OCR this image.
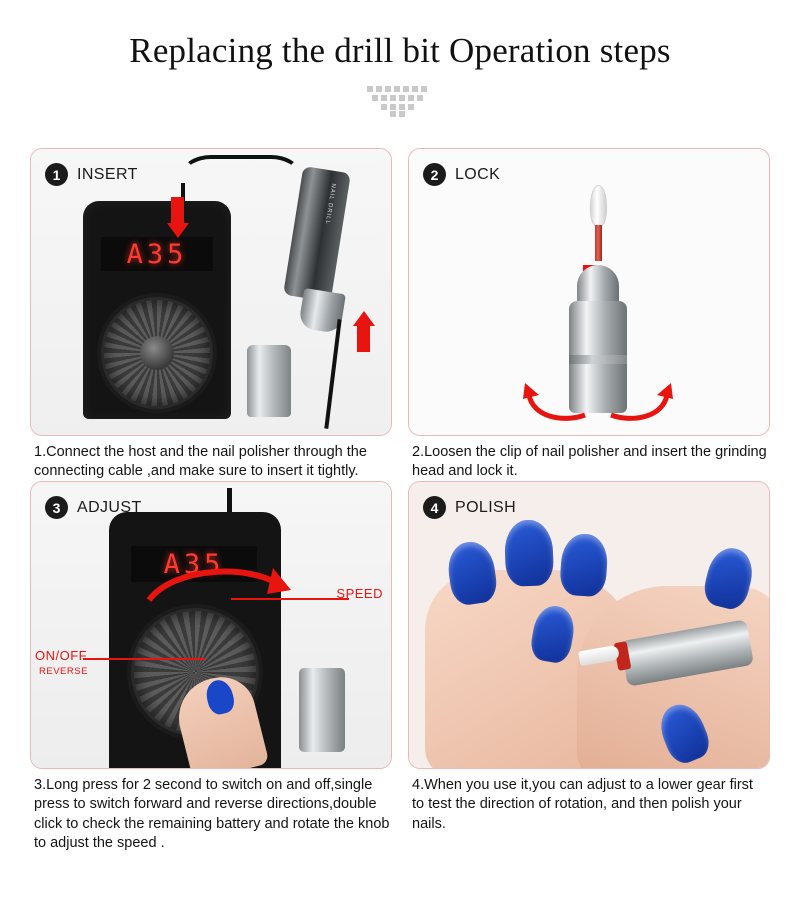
Replacing the drill bit Operation steps
A35
NAIL DRILL
1	INSERT
1.Connect the host and the nail polisher through the connecting cable ,and make sure to insert it tightly.
2	LOCK
2.Loosen the clip of nail polisher and insert the grinding head and lock it.
A35
SPEED
ON/OFF
REVERSE
3	ADJUST
3.Long press for 2 second to switch on and off,single press to switch forward and reverse directions,double click to check the remaining battery and rotate the knob to adjust the speed .
4	POLISH
4.When you use it,you can adjust to a lower gear first to test the direction of rotation, and then polish your nails.
